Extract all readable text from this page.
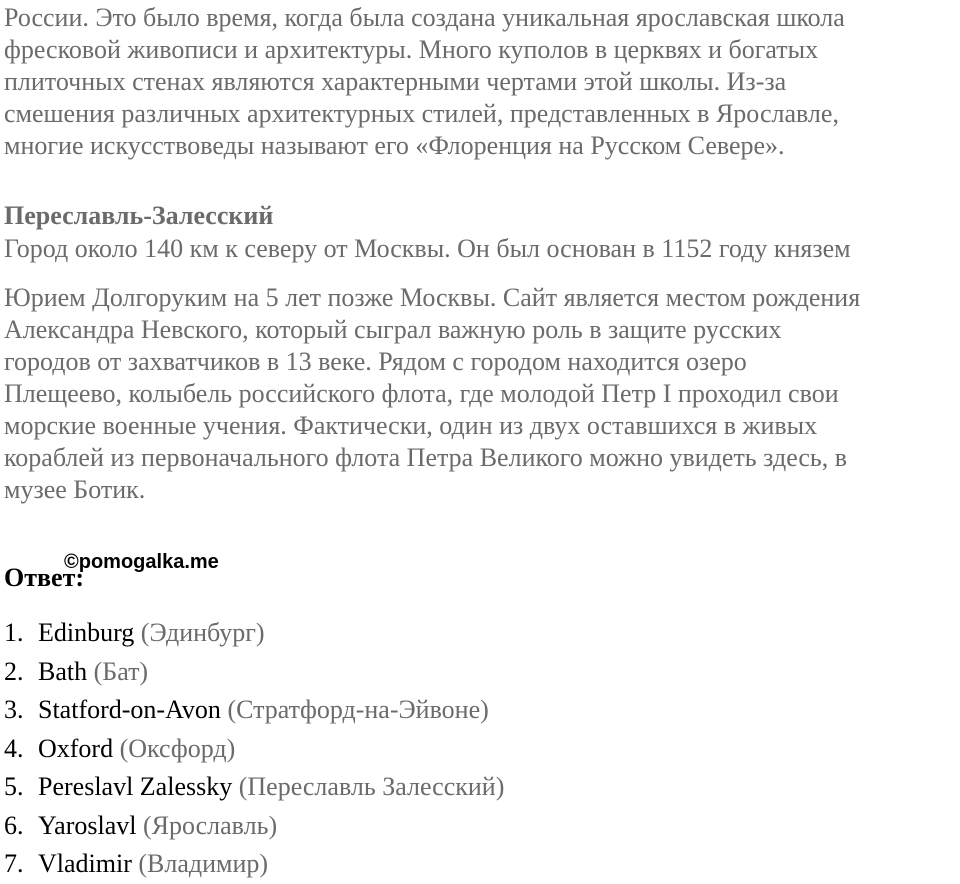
России. Это было время, когда была создана уникальная ярославская школа
фресковой живописи и архитектуры. Много куполов в церквях и богатых
плиточных стенах являются характерными чертами этой школы. Из-за
смешения различных архитектурных стилей, представленных в Ярославле,
многие искусствоведы называют его «Флоренция на Русском Севере».

Переславль-Залесский

Город около 140 км к северу от Москвы. Он был основан в 1152 году князем

Юрием Долгоруким на 5 лет позже Москвы. Сайт является местом рождения
Александра Невского, который сыграл важную роль в защите русских
городов от захватчиков в 13 веке. Рядом с городом находится озеро
Плещеево, колыбель российского флота, где молодой Петр I проходил свои
морские военные учения. Фактически, один из двух оставшихся в живых
кораблей из первоначального флота Петра Великого можно увидеть здесь, в
музее Ботик.

Ответ:
©pomogalka.me
1. Edinburg (Эдинбург)
2. Bath (Бат)
3. Statford-on-Avon (Стратфорд-на-Эйвоне)
4. Oxford (Оксфорд)
5. Pereslavl Zalessky (Переславль Залесский)
6. Yaroslavl (Ярославль)
7. Vladimir (Владимир)
